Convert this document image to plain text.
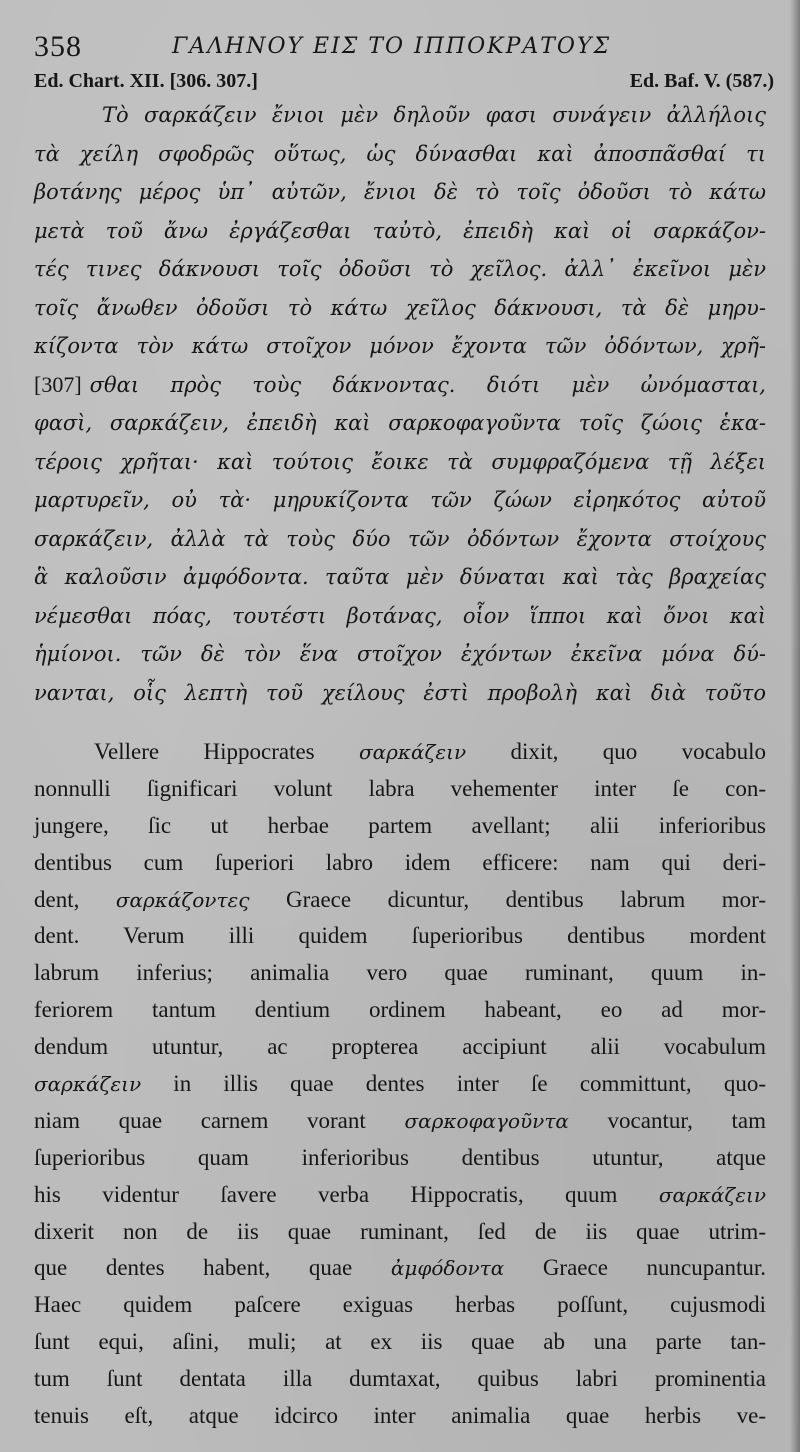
358	ΓΑΛΗΝΟΥ ΕΙΣ ΤΟ ΙΠΠΟΚΡΑΤΟΥΣ
Ed. Chart. XII. [306. 307.]	Ed. Baf. V. (587.)
Τὸ σαρκάζειν ἔνιοι μὲν δηλοῦν φασι συνάγειν ἀλλήλοις
τὰ χείλη σφοδρῶς οὕτως, ὡς δύνασθαι καὶ ἀποσπᾶσθαί τι
βοτάνης μέρος ὑπ᾽ αὐτῶν, ἔνιοι δὲ τὸ τοῖς ὀδοῦσι τὸ κάτω
μετὰ τοῦ ἄνω ἐργάζεσθαι ταὐτὸ, ἐπειδὴ καὶ οἱ σαρκάζον-
τές τινες δάκνουσι τοῖς ὀδοῦσι τὸ χεῖλος. ἀλλ᾽ ἐκεῖνοι μὲν
τοῖς ἄνωθεν ὀδοῦσι τὸ κάτω χεῖλος δάκνουσι, τὰ δὲ μηρυ-
κίζοντα τὸν κάτω στοῖχον μόνον ἔχοντα τῶν ὀδόντων, χρῆ-
[307] σθαι πρὸς τοὺς δάκνοντας. διότι μὲν ὠνόμασται,
φασὶ, σαρκάζειν, ἐπειδὴ καὶ σαρκοφαγοῦντα τοῖς ζώοις ἑκα-
τέροις χρῆται· καὶ τούτοις ἔοικε τὰ συμφραζόμενα τῇ λέξει
μαρτυρεῖν, οὐ τὰ· μηρυκίζοντα τῶν ζώων εἰρηκότος αὐτοῦ
σαρκάζειν, ἀλλὰ τὰ τοὺς δύο τῶν ὀδόντων ἔχοντα στοίχους
ἃ καλοῦσιν ἀμφόδοντα. ταῦτα μὲν δύναται καὶ τὰς βραχείας
νέμεσθαι πόας, τουτέστι βοτάνας, οἷον ἵπποι καὶ ὄνοι καὶ
ἡμίονοι. τῶν δὲ τὸν ἕνα στοῖχον ἐχόντων ἐκεῖνα μόνα δύ-
νανται, οἷς λεπτὴ τοῦ χείλους ἐστὶ προβολὴ καὶ διὰ τοῦτο
Vellere Hippocrates σαρκάζειν dixit, quo vocabulo
nonnulli ſignificari volunt labra vehementer inter ſe con-
jungere, ſic ut herbae partem avellant; alii inferioribus
dentibus cum ſuperiori labro idem efficere: nam qui deri-
dent, σαρκάζοντες Graece dicuntur, dentibus labrum mor-
dent. Verum illi quidem ſuperioribus dentibus mordent
labrum inferius; animalia vero quae ruminant, quum in-
feriorem tantum dentium ordinem habeant, eo ad mor-
dendum utuntur, ac propterea accipiunt alii vocabulum
σαρκάζειν in illis quae dentes inter ſe committunt, quo-
niam quae carnem vorant σαρκοφαγοῦντα vocantur, tam
ſuperioribus quam inferioribus dentibus utuntur, atque
his videntur ſavere verba Hippocratis, quum σαρκάζειν
dixerit non de iis quae ruminant, ſed de iis quae utrim-
que dentes habent, quae ἀμφόδοντα Graece nuncupantur.
Haec quidem paſcere exiguas herbas poſſunt, cujusmodi
ſunt equi, aſini, muli; at ex iis quae ab una parte tan-
tum ſunt dentata illa dumtaxat, quibus labri prominentia
tenuis eſt, atque idcirco inter animalia quae herbis ve-
